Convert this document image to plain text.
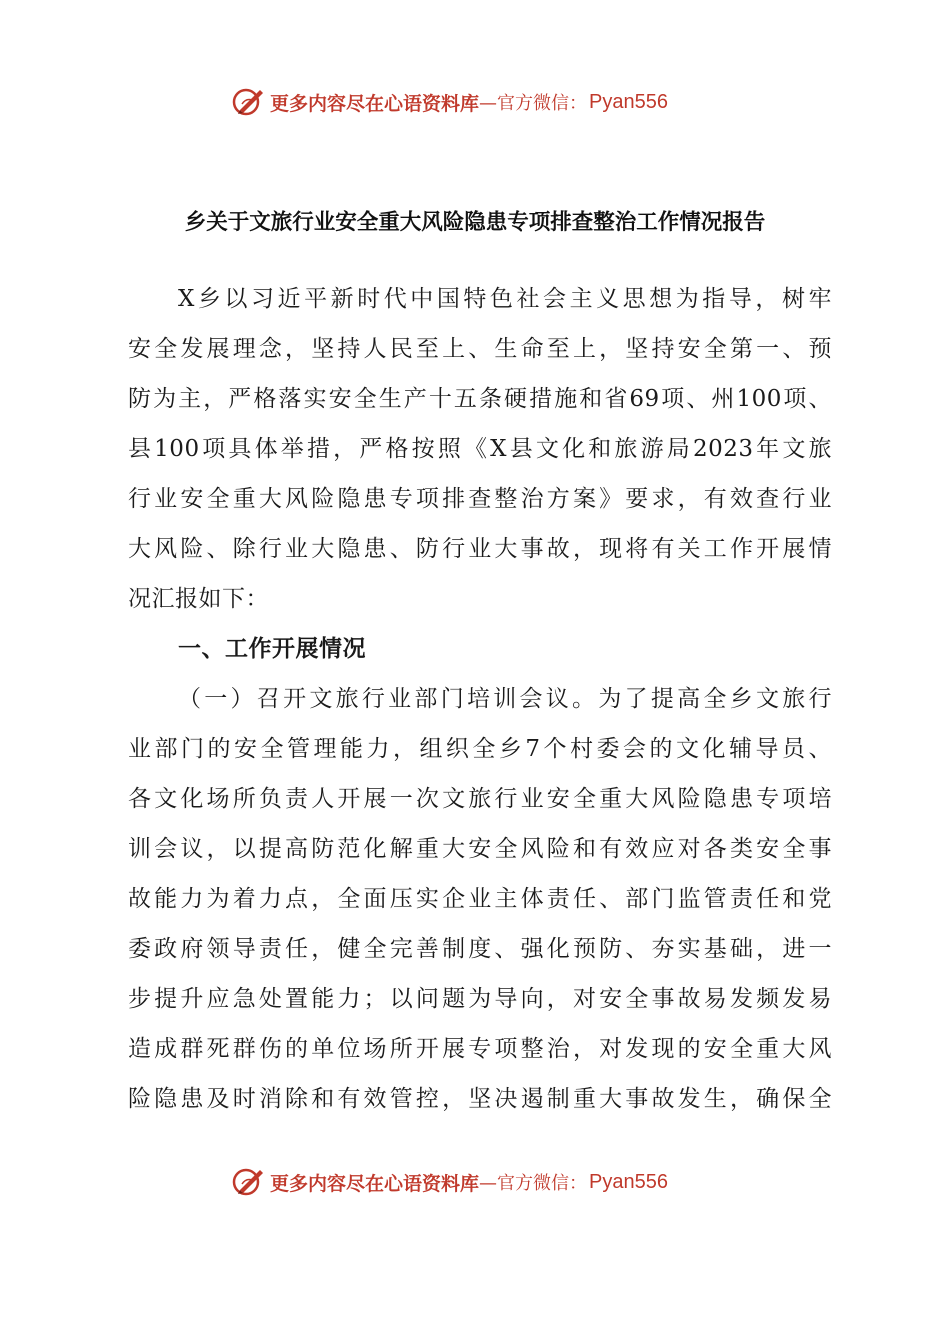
更多内容尽在心语资料库 —官方微信： Pyan556
乡关于文旅行业安全重大风险隐患专项排查整治工作情况报告
X乡以习近平新时代中国特色社会主义思想为指导，树牢
安全发展理念，坚持人民至上、生命至上，坚持安全第一、预
防为主，严格落实安全生产十五条硬措施和省69项、州100项、
县100项具体举措，严格按照《X县文化和旅游局2023年文旅
行业安全重大风险隐患专项排查整治方案》要求，有效查行业
大风险、除行业大隐患、防行业大事故，现将有关工作开展情
况汇报如下：
一、工作开展情况
（一）召开文旅行业部门培训会议。为了提高全乡文旅行
业部门的安全管理能力，组织全乡7个村委会的文化辅导员、
各文化场所负责人开展一次文旅行业安全重大风险隐患专项培
训会议，以提高防范化解重大安全风险和有效应对各类安全事
故能力为着力点，全面压实企业主体责任、部门监管责任和党
委政府领导责任，健全完善制度、强化预防、夯实基础，进一
步提升应急处置能力；以问题为导向，对安全事故易发频发易
造成群死群伤的单位场所开展专项整治，对发现的安全重大风
险隐患及时消除和有效管控，坚决遏制重大事故发生，确保全
更多内容尽在心语资料库 —官方微信： Pyan556
